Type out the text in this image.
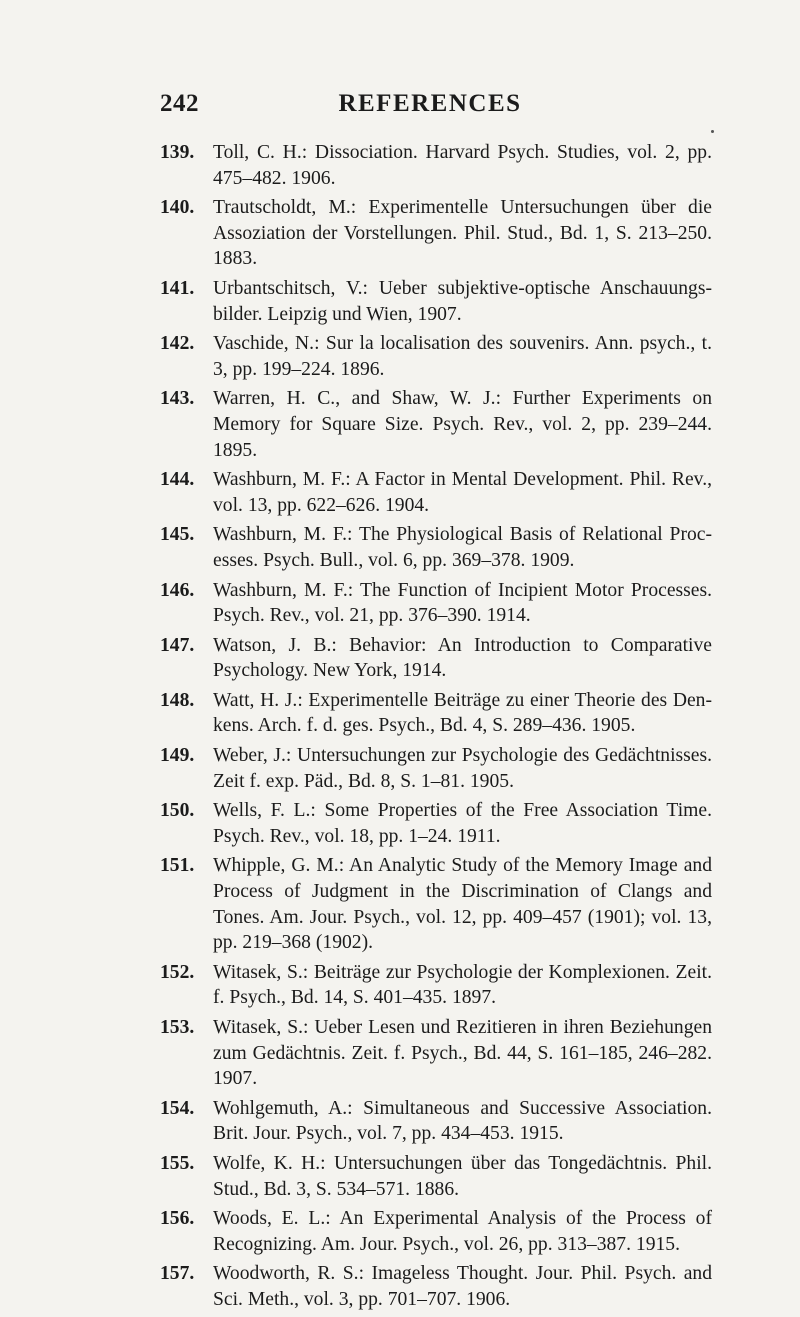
242	REFERENCES
139. Toll, C. H.: Dissociation. Harvard Psych. Studies, vol. 2, pp. 475–482. 1906.
140. Trautscholdt, M.: Experimentelle Untersuchungen über die Assoziation der Vorstellungen. Phil. Stud., Bd. 1, S. 213–250. 1883.
141. Urbantschitsch, V.: Ueber subjektive-optische Anschauungs-bilder. Leipzig und Wien, 1907.
142. Vaschide, N.: Sur la localisation des souvenirs. Ann. psych., t. 3, pp. 199–224. 1896.
143. Warren, H. C., and Shaw, W. J.: Further Experiments on Memory for Square Size. Psych. Rev., vol. 2, pp. 239–244. 1895.
144. Washburn, M. F.: A Factor in Mental Development. Phil. Rev., vol. 13, pp. 622–626. 1904.
145. Washburn, M. F.: The Physiological Basis of Relational Proc-esses. Psych. Bull., vol. 6, pp. 369–378. 1909.
146. Washburn, M. F.: The Function of Incipient Motor Processes. Psych. Rev., vol. 21, pp. 376–390. 1914.
147. Watson, J. B.: Behavior: An Introduction to Comparative Psychology. New York, 1914.
148. Watt, H. J.: Experimentelle Beiträge zu einer Theorie des Den-kens. Arch. f. d. ges. Psych., Bd. 4, S. 289–436. 1905.
149. Weber, J.: Untersuchungen zur Psychologie des Gedächtnisses. Zeit f. exp. Päd., Bd. 8, S. 1–81. 1905.
150. Wells, F. L.: Some Properties of the Free Association Time. Psych. Rev., vol. 18, pp. 1–24. 1911.
151. Whipple, G. M.: An Analytic Study of the Memory Image and Process of Judgment in the Discrimination of Clangs and Tones. Am. Jour. Psych., vol. 12, pp. 409–457 (1901); vol. 13, pp. 219–368 (1902).
152. Witasek, S.: Beiträge zur Psychologie der Komplexionen. Zeit. f. Psych., Bd. 14, S. 401–435. 1897.
153. Witasek, S.: Ueber Lesen und Rezitieren in ihren Beziehungen zum Gedächtnis. Zeit. f. Psych., Bd. 44, S. 161–185, 246–282. 1907.
154. Wohlgemuth, A.: Simultaneous and Successive Association. Brit. Jour. Psych., vol. 7, pp. 434–453. 1915.
155. Wolfe, K. H.: Untersuchungen über das Tongedächtnis. Phil. Stud., Bd. 3, S. 534–571. 1886.
156. Woods, E. L.: An Experimental Analysis of the Process of Recognizing. Am. Jour. Psych., vol. 26, pp. 313–387. 1915.
157. Woodworth, R. S.: Imageless Thought. Jour. Phil. Psych. and Sci. Meth., vol. 3, pp. 701–707. 1906.
